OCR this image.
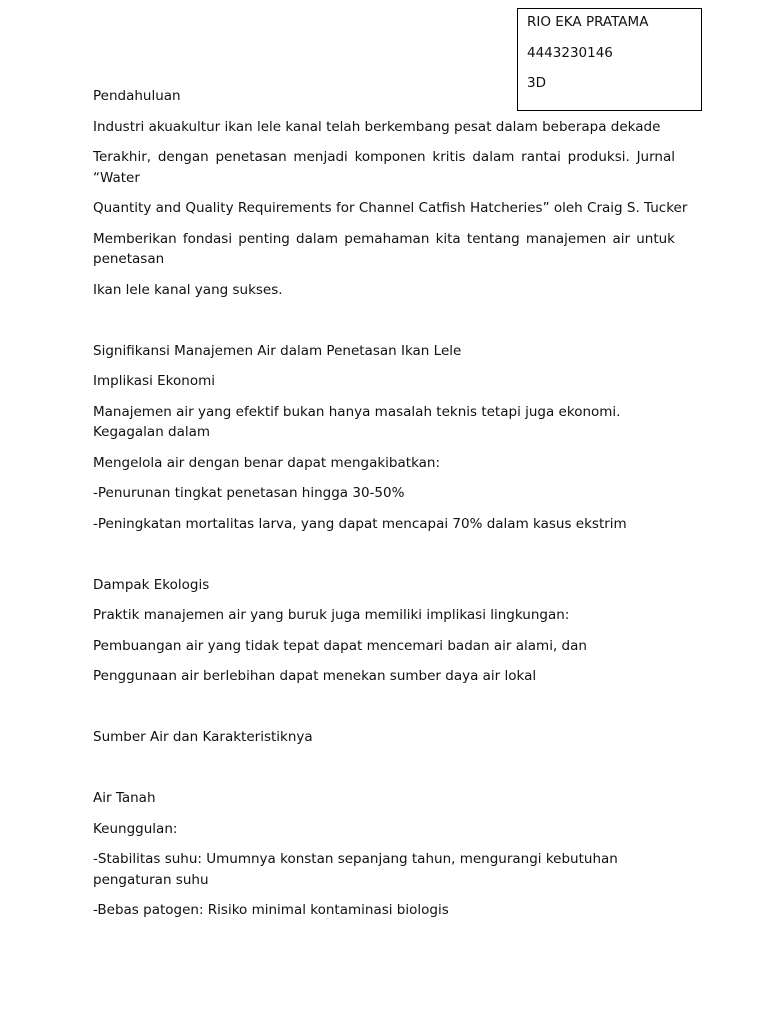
RIO EKA PRATAMA
4443230146
3D

Pendahuluan

Industri akuakultur ikan lele kanal telah berkembang pesat dalam beberapa dekade

Terakhir, dengan penetasan menjadi komponen kritis dalam rantai produksi. Jurnal “Water

Quantity and Quality Requirements for Channel Catfish Hatcheries” oleh Craig S. Tucker

Memberikan fondasi penting dalam pemahaman kita tentang manajemen air untuk penetasan

Ikan lele kanal yang sukses.

Signifikansi Manajemen Air dalam Penetasan Ikan Lele

Implikasi Ekonomi

Manajemen air yang efektif bukan hanya masalah teknis tetapi juga ekonomi. Kegagalan dalam

Mengelola air dengan benar dapat mengakibatkan:

-Penurunan tingkat penetasan hingga 30-50%

-Peningkatan mortalitas larva, yang dapat mencapai 70% dalam kasus ekstrim

Dampak Ekologis

Praktik manajemen air yang buruk juga memiliki implikasi lingkungan:

Pembuangan air yang tidak tepat dapat mencemari badan air alami, dan

Penggunaan air berlebihan dapat menekan sumber daya air lokal

Sumber Air dan Karakteristiknya

Air Tanah

Keunggulan:

-Stabilitas suhu: Umumnya konstan sepanjang tahun, mengurangi kebutuhan pengaturan suhu

-Bebas patogen: Risiko minimal kontaminasi biologis
